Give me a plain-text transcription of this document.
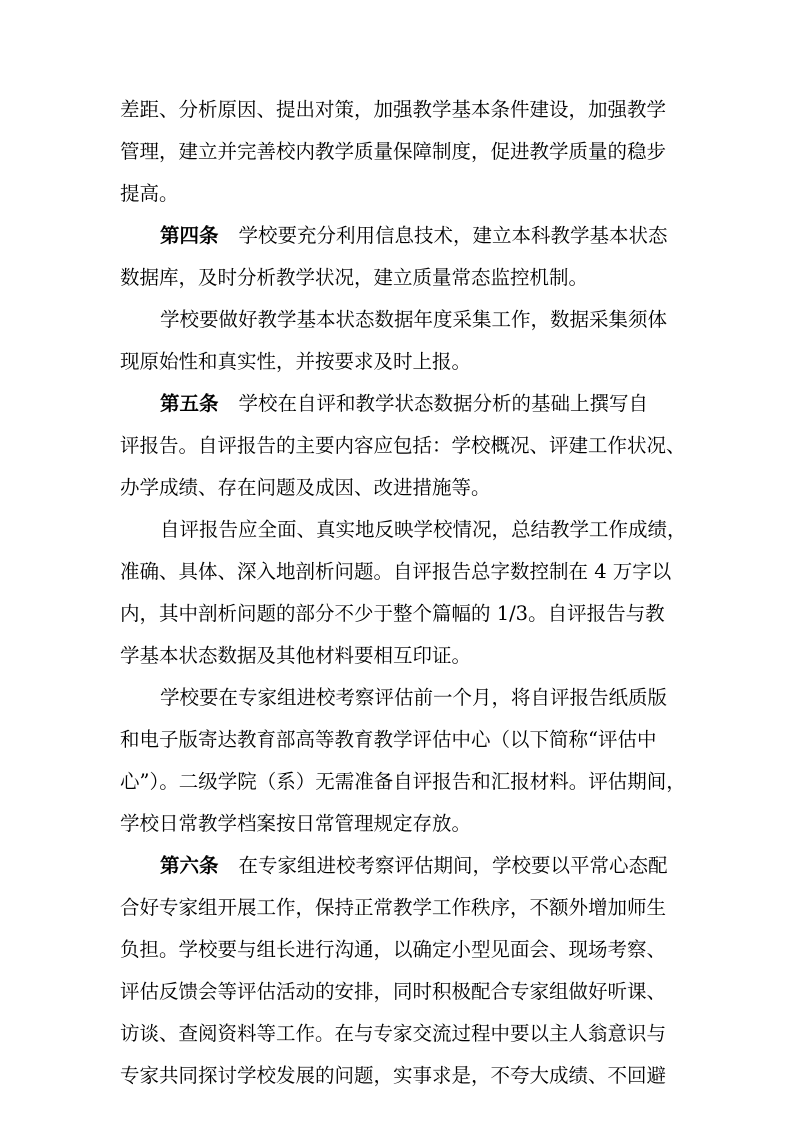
差距、分析原因、提出对策，加强教学基本条件建设，加强教学
管理，建立并完善校内教学质量保障制度，促进教学质量的稳步
提高。
第四条 学校要充分利用信息技术，建立本科教学基本状态
数据库，及时分析教学状况，建立质量常态监控机制。
学校要做好教学基本状态数据年度采集工作，数据采集须体
现原始性和真实性，并按要求及时上报。
第五条 学校在自评和教学状态数据分析的基础上撰写自
评报告。自评报告的主要内容应包括：学校概况、评建工作状况、
办学成绩、存在问题及成因、改进措施等。
自评报告应全面、真实地反映学校情况，总结教学工作成绩，
准确、具体、深入地剖析问题。自评报告总字数控制在 4 万字以
内，其中剖析问题的部分不少于整个篇幅的 1/3。自评报告与教
学基本状态数据及其他材料要相互印证。
学校要在专家组进校考察评估前一个月，将自评报告纸质版
和电子版寄达教育部高等教育教学评估中心（以下简称“评估中
心”）。二级学院（系）无需准备自评报告和汇报材料。评估期间，
学校日常教学档案按日常管理规定存放。
第六条 在专家组进校考察评估期间，学校要以平常心态配
合好专家组开展工作，保持正常教学工作秩序，不额外增加师生
负担。学校要与组长进行沟通，以确定小型见面会、现场考察、
评估反馈会等评估活动的安排，同时积极配合专家组做好听课、
访谈、查阅资料等工作。在与专家交流过程中要以主人翁意识与
专家共同探讨学校发展的问题，实事求是，不夸大成绩、不回避
